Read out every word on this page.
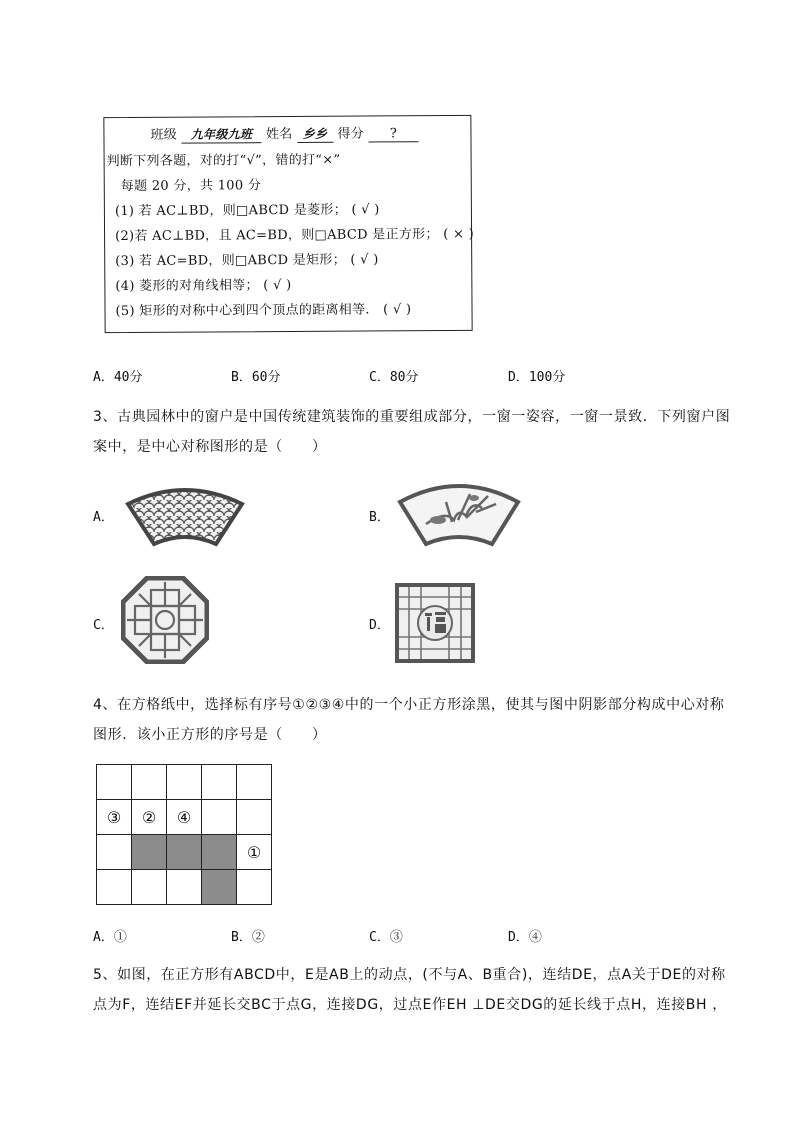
班级 九年级九班 姓名 乡乡 得分 ?
判断下列各题，对的打“√”，错的打“×”
每题 20 分，共 100 分
(1) 若 AC⊥BD，则□ABCD 是菱形； ( √ )
(2)若 AC⊥BD，且 AC=BD，则□ABCD 是正方形； ( × )
(3) 若 AC=BD，则□ABCD 是矩形； ( √ )
(4) 菱形的对角线相等； ( √ )
(5) 矩形的对称中心到四个顶点的距离相等． ( √ )
A．40分	B．60分	C．80分	D．100分
3、古典园林中的窗户是中国传统建筑装饰的重要组成部分，一窗一姿容，一窗一景致．下列窗户图
案中，是中心对称图形的是（　　）
A．	B．
C．	D．
4、在方格纸中，选择标有序号①②③④中的一个小正方形涂黑，使其与图中阴影部分构成中心对称
图形．该小正方形的序号是（　　）

③	②	④		
				①

A．①	B．②	C．③	D．④
5、如图，在正方形有ABCD中，E是AB上的动点，(不与A、B重合)，连结DE，点A关于DE的对称
点为F，连结EF并延长交BC于点G，连接DG，过点E作EH ⊥DE交DG的延长线于点H，连接BH ，
